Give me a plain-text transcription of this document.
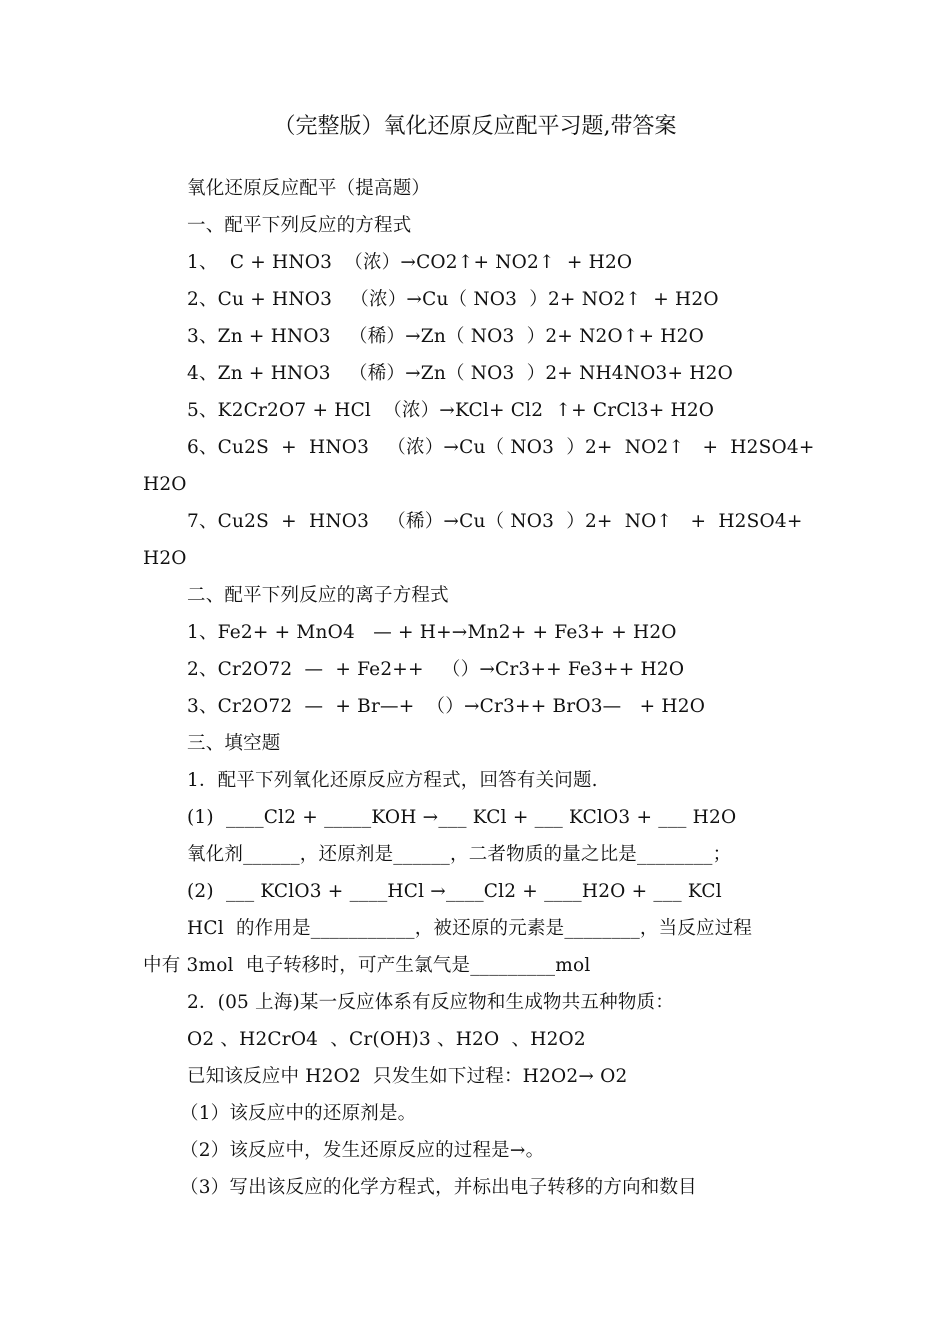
（完整版）氧化还原反应配平习题,带答案
氧化还原反应配平（提高题）
一、配平下列反应的方程式
1、  C + HNO3  （浓）→CO2↑+ NO2↑  + H2O
2、Cu + HNO3   （浓）→Cu（ NO3  ）2+ NO2↑  + H2O
3、Zn + HNO3   （稀）→Zn（ NO3  ）2+ N2O↑+ H2O
4、Zn + HNO3   （稀）→Zn（ NO3  ）2+ NH4NO3+ H2O
5、K2Cr2O7 + HCl  （浓）→KCl+ Cl2  ↑+ CrCl3+ H2O
6、Cu2S  +  HNO3   （浓）→Cu（ NO3  ）2+  NO2↑   +  H2SO4+
H2O
7、Cu2S  +  HNO3   （稀）→Cu（ NO3  ）2+  NO↑   +  H2SO4+
H2O
二、配平下列反应的离子方程式
1、Fe2+ + MnO4   — + H+→Mn2+ + Fe3+ + H2O
2、Cr2O72  —  + Fe2++   （）→Cr3++ Fe3++ H2O
3、Cr2O72  —  + Br—+  （）→Cr3++ BrO3—   + H2O
三、填空题
1．配平下列氧化还原反应方程式，回答有关问题.
(1)  ____Cl2 + _____KOH →___ KCl + ___ KClO3 + ___ H2O
氧化剂______，还原剂是______，二者物质的量之比是________；
(2)  ___ KClO3 + ____HCl →____Cl2 + ____H2O + ___ KCl
HCl  的作用是___________，被还原的元素是________，当反应过程
中有 3mol  电子转移时，可产生氯气是_________mol
2．(05 上海)某一反应体系有反应物和生成物共五种物质：
O2 、H2CrO4  、Cr(OH)3 、H2O  、H2O2
已知该反应中 H2O2  只发生如下过程：H2O2→ O2
（1）该反应中的还原剂是。
（2）该反应中，发生还原反应的过程是→。
（3）写出该反应的化学方程式，并标出电子转移的方向和数目
